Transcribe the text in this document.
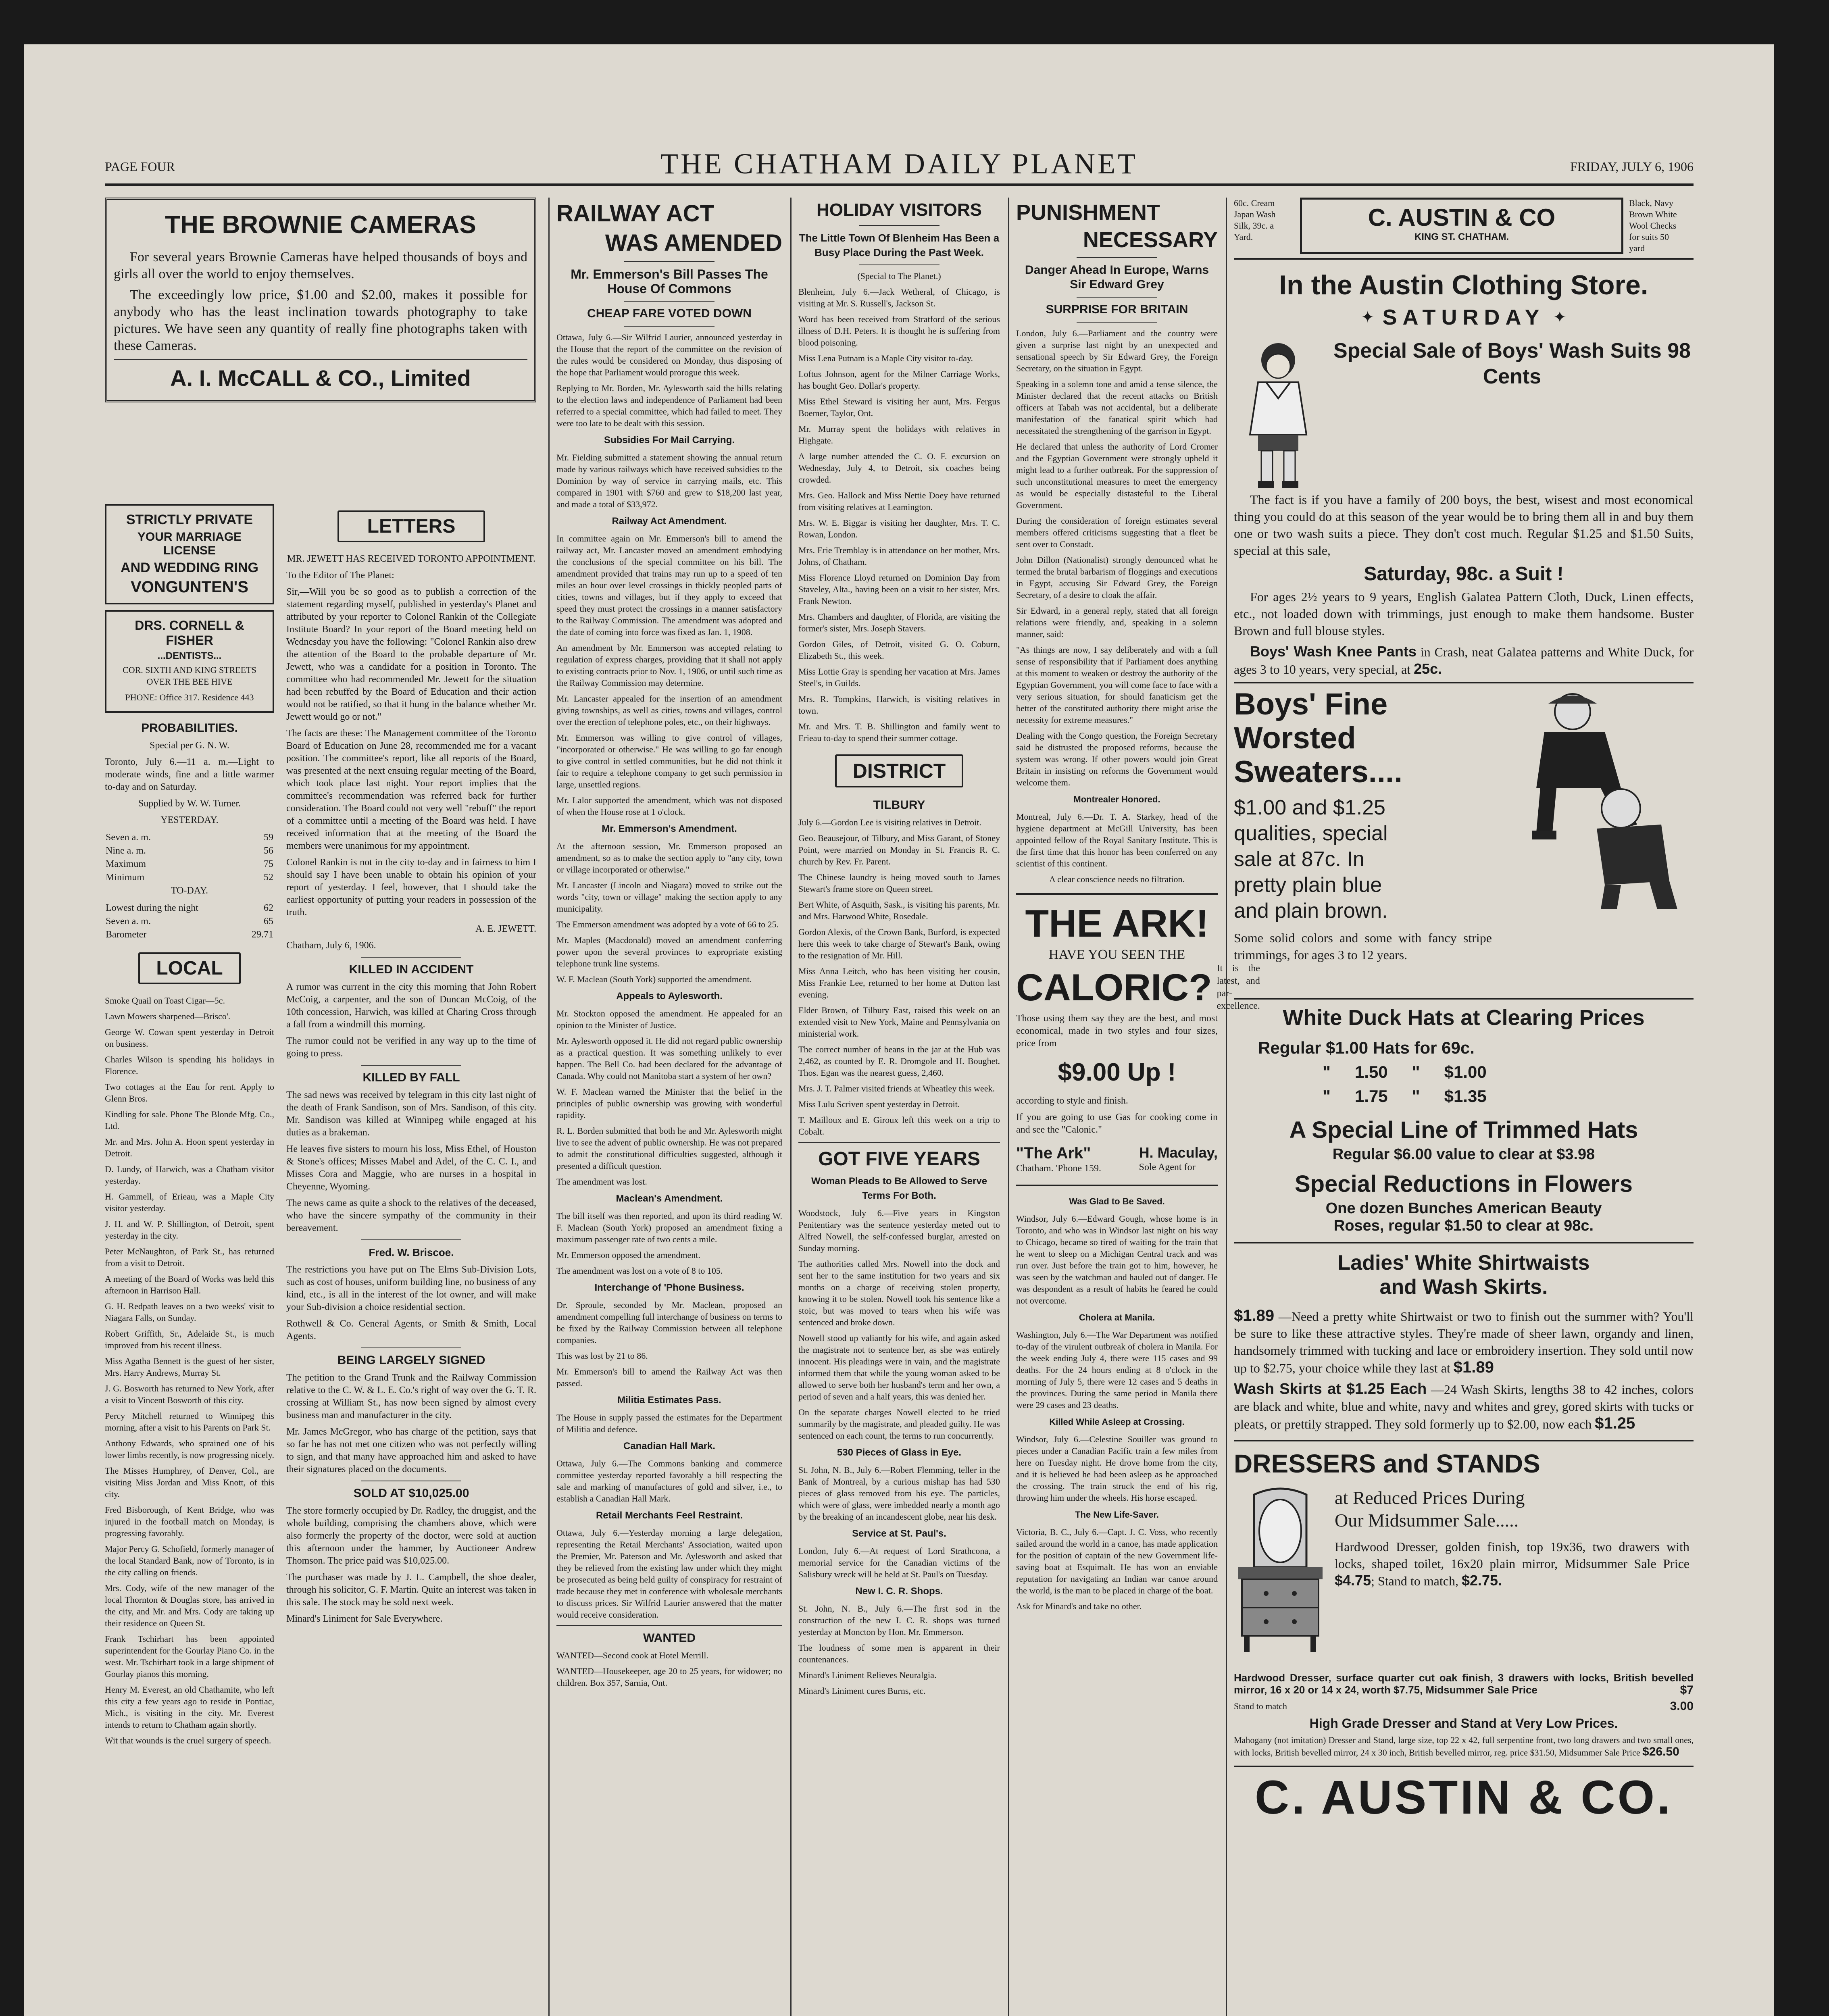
PAGE FOUR	THE CHATHAM DAILY PLANET	FRIDAY, JULY 6, 1906
THE BROWNIE CAMERAS

For several years Brownie Cameras have helped thousands of boys and girls all over the world to enjoy themselves.

The exceedingly low price, $1.00 and $2.00, makes it possible for anybody who has the least inclination towards photography to take pictures. We have seen any quantity of really fine photographs taken with these Cameras.

A. I. McCALL & CO., Limited
STRICTLY PRIVATE
YOUR MARRIAGE LICENSE
AND WEDDING RING
VONGUNTEN'S
DRS. CORNELL & FISHER
...DENTISTS...
COR. SIXTH AND KING STREETS OVER THE BEE HIVE
PHONE: Office 317. Residence 443
PROBABILITIES.
Special per G. N. W.

Toronto, July 6.—11 a. m.—Light to moderate winds, fine and a little warmer to-day and on Saturday.

Supplied by W. W. Turner.
YESTERDAY.
Seven a. m.	59
Nine a. m.	56
Maximum	75
Minimum	52
TO-DAY.
Lowest during the night	62
Seven a. m.	65
Barometer	29.71
LOCAL

Smoke Quail on Toast Cigar—5c.

Lawn Mowers sharpened—Brisco'.

George W. Cowan spent yesterday in Detroit on business.

Charles Wilson is spending his holidays in Florence.

Two cottages at the Eau for rent. Apply to Glenn Bros.

Kindling for sale. Phone The Blonde Mfg. Co., Ltd.

Mr. and Mrs. John A. Hoon spent yesterday in Detroit.

D. Lundy, of Harwich, was a Chatham visitor yesterday.

H. Gammell, of Erieau, was a Maple City visitor yesterday.

J. H. and W. P. Shillington, of Detroit, spent yesterday in the city.

Peter McNaughton, of Park St., has returned from a visit to Detroit.

A meeting of the Board of Works was held this afternoon in Harrison Hall.

G. H. Redpath leaves on a two weeks' visit to Niagara Falls, on Sunday.

Robert Griffith, Sr., Adelaide St., is much improved from his recent illness.

Miss Agatha Bennett is the guest of her sister, Mrs. Harry Andrews, Murray St.

J. G. Bosworth has returned to New York, after a visit to Vincent Bosworth of this city.

Percy Mitchell returned to Winnipeg this morning, after a visit to his Parents on Park St.

Anthony Edwards, who sprained one of his lower limbs recently, is now progressing nicely.

The Misses Humphrey, of Denver, Col., are visiting Miss Jordan and Miss Knott, of this city.

Fred Bisborough, of Kent Bridge, who was injured in the football match on Monday, is progressing favorably.

Major Percy G. Schofield, formerly manager of the local Standard Bank, now of Toronto, is in the city calling on friends.

Mrs. Cody, wife of the new manager of the local Thornton & Douglas store, has arrived in the city, and Mr. and Mrs. Cody are taking up their residence on Queen St.

Frank Tschirhart has been appointed superintendent for the Gourlay Piano Co. in the west. Mr. Tschirhart took in a large shipment of Gourlay pianos this morning.

Henry M. Everest, an old Chathamite, who left this city a few years ago to reside in Pontiac, Mich., is visiting in the city. Mr. Everest intends to return to Chatham again shortly.

Wit that wounds is the cruel surgery of speech.

LETTERS

MR. JEWETT HAS RECEIVED TORONTO APPOINTMENT.

To the Editor of The Planet:

Sir,—Will you be so good as to publish a correction of the statement regarding myself, published in yesterday's Planet and attributed by your reporter to Colonel Rankin of the Collegiate Institute Board? In your report of the Board meeting held on Wednesday you have the following: "Colonel Rankin also drew the attention of the Board to the probable departure of Mr. Jewett, who was a candidate for a position in Toronto. The committee who had recommended Mr. Jewett for the situation had been rebuffed by the Board of Education and their action would not be ratified, so that it hung in the balance whether Mr. Jewett would go or not."

The facts are these: The Management committee of the Toronto Board of Education on June 28, recommended me for a vacant position. The committee's report, like all reports of the Board, was presented at the next ensuing regular meeting of the Board, which took place last night. Your report implies that the committee's recommendation was referred back for further consideration. The Board could not very well "rebuff" the report of a committee until a meeting of the Board was held. I have received information that at the meeting of the Board the members were unanimous for my appointment.

Colonel Rankin is not in the city to-day and in fairness to him I should say I have been unable to obtain his opinion of your report of yesterday. I feel, however, that I should take the earliest opportunity of putting your readers in possession of the truth.

A. E. JEWETT.

Chatham, July 6, 1906.

KILLED IN ACCIDENT

A rumor was current in the city this morning that John Robert McCoig, a carpenter, and the son of Duncan McCoig, of the 10th concession, Harwich, was killed at Charing Cross through a fall from a windmill this morning.

The rumor could not be verified in any way up to the time of going to press.

KILLED BY FALL

The sad news was received by telegram in this city last night of the death of Frank Sandison, son of Mrs. Sandison, of this city. Mr. Sandison was killed at Winnipeg while engaged at his duties as a brakeman.

He leaves five sisters to mourn his loss, Miss Ethel, of Houston & Stone's offices; Misses Mabel and Adel, of the C. C. I., and Misses Cora and Maggie, who are nurses in a hospital in Cheyenne, Wyoming.

The news came as quite a shock to the relatives of the deceased, who have the sincere sympathy of the community in their bereavement.

Fred. W. Briscoe.

The restrictions you have put on The Elms Sub-Division Lots, such as cost of houses, uniform building line, no business of any kind, etc., is all in the interest of the lot owner, and will make your Sub-division a choice residential section.

Rothwell & Co. General Agents, or Smith & Smith, Local Agents.

BEING LARGELY SIGNED

The petition to the Grand Trunk and the Railway Commission relative to the C. W. & L. E. Co.'s right of way over the G. T. R. crossing at William St., has now been signed by almost every business man and manufacturer in the city.

Mr. James McGregor, who has charge of the petition, says that so far he has not met one citizen who was not perfectly willing to sign, and that many have approached him and asked to have their signatures placed on the documents.

SOLD AT $10,025.00

The store formerly occupied by Dr. Radley, the druggist, and the whole building, comprising the chambers above, which were also formerly the property of the doctor, were sold at auction this afternoon under the hammer, by Auctioneer Andrew Thomson. The price paid was $10,025.00.

The purchaser was made by J. L. Campbell, the shoe dealer, through his solicitor, G. F. Martin. Quite an interest was taken in this sale. The stock may be sold next week.

Minard's Liniment for Sale Everywhere.

RAILWAY ACT
WAS AMENDED
Mr. Emmerson's Bill Passes The House Of Commons
CHEAP FARE VOTED DOWN

Ottawa, July 6.—Sir Wilfrid Laurier, announced yesterday in the House that the report of the committee on the revision of the rules would be considered on Monday, thus disposing of the hope that Parliament would prorogue this week.

Replying to Mr. Borden, Mr. Aylesworth said the bills relating to the election laws and independence of Parliament had been referred to a special committee, which had failed to meet. They were too late to be dealt with this session.

Subsidies For Mail Carrying.

Mr. Fielding submitted a statement showing the annual return made by various railways which have received subsidies to the Dominion by way of service in carrying mails, etc. This compared in 1901 with $760 and grew to $18,200 last year, and made a total of $33,972.

Railway Act Amendment.

In committee again on Mr. Emmerson's bill to amend the railway act, Mr. Lancaster moved an amendment embodying the conclusions of the special committee on his bill. The amendment provided that trains may run up to a speed of ten miles an hour over level crossings in thickly peopled parts of cities, towns and villages, but if they apply to exceed that speed they must protect the crossings in a manner satisfactory to the Railway Commission. The amendment was adopted and the date of coming into force was fixed as Jan. 1, 1908.

An amendment by Mr. Emmerson was accepted relating to regulation of express charges, providing that it shall not apply to existing contracts prior to Nov. 1, 1906, or until such time as the Railway Commission may determine.

Mr. Lancaster appealed for the insertion of an amendment giving townships, as well as cities, towns and villages, control over the erection of telephone poles, etc., on their highways.

Mr. Emmerson was willing to give control of villages, "incorporated or otherwise." He was willing to go far enough to give control in settled communities, but he did not think it fair to require a telephone company to get such permission in large, unsettled regions.

Mr. Lalor supported the amendment, which was not disposed of when the House rose at 1 o'clock.

Mr. Emmerson's Amendment.

At the afternoon session, Mr. Emmerson proposed an amendment, so as to make the section apply to "any city, town or village incorporated or otherwise."

Mr. Lancaster (Lincoln and Niagara) moved to strike out the words "city, town or village" making the section apply to any municipality.

The Emmerson amendment was adopted by a vote of 66 to 25.

Mr. Maples (Macdonald) moved an amendment conferring power upon the several provinces to expropriate existing telephone trunk line systems.

W. F. Maclean (South York) supported the amendment.

Appeals to Aylesworth.

Mr. Stockton opposed the amendment. He appealed for an opinion to the Minister of Justice.

Mr. Aylesworth opposed it. He did not regard public ownership as a practical question. It was something unlikely to ever happen. The Bell Co. had been declared for the advantage of Canada. Why could not Manitoba start a system of her own?

W. F. Maclean warned the Minister that the belief in the principles of public ownership was growing with wonderful rapidity.

R. L. Borden submitted that both he and Mr. Aylesworth might live to see the advent of public ownership. He was not prepared to admit the constitutional difficulties suggested, although it presented a difficult question.

The amendment was lost.

Maclean's Amendment.

The bill itself was then reported, and upon its third reading W. F. Maclean (South York) proposed an amendment fixing a maximum passenger rate of two cents a mile.

Mr. Emmerson opposed the amendment.

The amendment was lost on a vote of 8 to 105.

Interchange of 'Phone Business.

Dr. Sproule, seconded by Mr. Maclean, proposed an amendment compelling full interchange of business on terms to be fixed by the Railway Commission between all telephone companies.

This was lost by 21 to 86.

Mr. Emmerson's bill to amend the Railway Act was then passed.

Militia Estimates Pass.

The House in supply passed the estimates for the Department of Militia and defence.

Canadian Hall Mark.

Ottawa, July 6.—The Commons banking and commerce committee yesterday reported favorably a bill respecting the sale and marking of manufactures of gold and silver, i.e., to establish a Canadian Hall Mark.

Retail Merchants Feel Restraint.

Ottawa, July 6.—Yesterday morning a large delegation, representing the Retail Merchants' Association, waited upon the Premier, Mr. Paterson and Mr. Aylesworth and asked that they be relieved from the existing law under which they might be prosecuted as being held guilty of conspiracy for restraint of trade because they met in conference with wholesale merchants to discuss prices. Sir Wilfrid Laurier answered that the matter would receive consideration.

WANTED

WANTED—Second cook at Hotel Merrill.

WANTED—Housekeeper, age 20 to 25 years, for widower; no children. Box 357, Sarnia, Ont.

HOLIDAY VISITORS
The Little Town Of Blenheim Has Been a Busy Place During the Past Week.

(Special to The Planet.)

Blenheim, July 6.—Jack Wetheral, of Chicago, is visiting at Mr. S. Russell's, Jackson St.

Word has been received from Stratford of the serious illness of D.H. Peters. It is thought he is suffering from blood poisoning.

Miss Lena Putnam is a Maple City visitor to-day.

Loftus Johnson, agent for the Milner Carriage Works, has bought Geo. Dollar's property.

Miss Ethel Steward is visiting her aunt, Mrs. Fergus Boemer, Taylor, Ont.

Mr. Murray spent the holidays with relatives in Highgate.

A large number attended the C. O. F. excursion on Wednesday, July 4, to Detroit, six coaches being crowded.

Mrs. Geo. Hallock and Miss Nettie Doey have returned from visiting relatives at Leamington.

Mrs. W. E. Biggar is visiting her daughter, Mrs. T. C. Rowan, London.

Mrs. Erie Tremblay is in attendance on her mother, Mrs. Johns, of Chatham.

Miss Florence Lloyd returned on Dominion Day from Staveley, Alta., having been on a visit to her sister, Mrs. Frank Newton.

Mrs. Chambers and daughter, of Florida, are visiting the former's sister, Mrs. Joseph Stavers.

Gordon Giles, of Detroit, visited G. O. Coburn, Elizabeth St., this week.

Miss Lottie Gray is spending her vacation at Mrs. James Steel's, in Guilds.

Mrs. R. Tompkins, Harwich, is visiting relatives in town.

Mr. and Mrs. T. B. Shillington and family went to Erieau to-day to spend their summer cottage.

DISTRICT
TILBURY

July 6.—Gordon Lee is visiting relatives in Detroit.

Geo. Beausejour, of Tilbury, and Miss Garant, of Stoney Point, were married on Monday in St. Francis R. C. church by Rev. Fr. Parent.

The Chinese laundry is being moved south to James Stewart's frame store on Queen street.

Bert White, of Asquith, Sask., is visiting his parents, Mr. and Mrs. Harwood White, Rosedale.

Gordon Alexis, of the Crown Bank, Burford, is expected here this week to take charge of Stewart's Bank, owing to the resignation of Mr. Hill.

Miss Anna Leitch, who has been visiting her cousin, Miss Frankie Lee, returned to her home at Dutton last evening.

Elder Brown, of Tilbury East, raised this week on an extended visit to New York, Maine and Pennsylvania on ministerial work.

The correct number of beans in the jar at the Hub was 2,462, as counted by E. R. Dromgole and H. Boughet. Thos. Egan was the nearest guess, 2,460.

Mrs. J. T. Palmer visited friends at Wheatley this week.

Miss Lulu Scriven spent yesterday in Detroit.

T. Mailloux and E. Giroux left this week on a trip to Cobalt.

GOT FIVE YEARS
Woman Pleads to Be Allowed to Serve Terms For Both.

Woodstock, July 6.—Five years in Kingston Penitentiary was the sentence yesterday meted out to Alfred Nowell, the self-confessed burglar, arrested on Sunday morning.

The authorities called Mrs. Nowell into the dock and sent her to the same institution for two years and six months on a charge of receiving stolen property, knowing it to be stolen. Nowell took his sentence like a stoic, but was moved to tears when his wife was sentenced and broke down.

Nowell stood up valiantly for his wife, and again asked the magistrate not to sentence her, as she was entirely innocent. His pleadings were in vain, and the magistrate informed them that while the young woman asked to be allowed to serve both her husband's term and her own, a period of seven and a half years, this was denied her.

On the separate charges Nowell elected to be tried summarily by the magistrate, and pleaded guilty. He was sentenced on each count, the terms to run concurrently.

530 Pieces of Glass in Eye.

St. John, N. B., July 6.—Robert Flemming, teller in the Bank of Montreal, by a curious mishap has had 530 pieces of glass removed from his eye. The particles, which were of glass, were imbedded nearly a month ago by the breaking of an incandescent globe, near his desk.

Service at St. Paul's.

London, July 6.—At request of Lord Strathcona, a memorial service for the Canadian victims of the Salisbury wreck will be held at St. Paul's on Tuesday.

New I. C. R. Shops.

St. John, N. B., July 6.—The first sod in the construction of the new I. C. R. shops was turned yesterday at Moncton by Hon. Mr. Emmerson.

The loudness of some men is apparent in their countenances.

Minard's Liniment Relieves Neuralgia.

Minard's Liniment cures Burns, etc.

PUNISHMENT
NECESSARY
Danger Ahead In Europe, Warns Sir Edward Grey
SURPRISE FOR BRITAIN

London, July 6.—Parliament and the country were given a surprise last night by an unexpected and sensational speech by Sir Edward Grey, the Foreign Secretary, on the situation in Egypt.

Speaking in a solemn tone and amid a tense silence, the Minister declared that the recent attacks on British officers at Tabah was not accidental, but a deliberate manifestation of the fanatical spirit which had necessitated the strengthening of the garrison in Egypt.

He declared that unless the authority of Lord Cromer and the Egyptian Government were strongly upheld it might lead to a further outbreak. For the suppression of such unconstitutional measures to meet the emergency as would be especially distasteful to the Liberal Government.

During the consideration of foreign estimates several members offered criticisms suggesting that a fleet be sent over to Constadt.

John Dillon (Nationalist) strongly denounced what he termed the brutal barbarism of floggings and executions in Egypt, accusing Sir Edward Grey, the Foreign Secretary, of a desire to cloak the affair.

Sir Edward, in a general reply, stated that all foreign relations were friendly, and, speaking in a solemn manner, said:

"As things are now, I say deliberately and with a full sense of responsibility that if Parliament does anything at this moment to weaken or destroy the authority of the Egyptian Government, you will come face to face with a very serious situation, for should fanaticism get the better of the constituted authority there might arise the necessity for extreme measures."

Dealing with the Congo question, the Foreign Secretary said he distrusted the proposed reforms, because the system was wrong. If other powers would join Great Britain in insisting on reforms the Government would welcome them.

Montrealer Honored.

Montreal, July 6.—Dr. T. A. Starkey, head of the hygiene department at McGill University, has been appointed fellow of the Royal Sanitary Institute. This is the first time that this honor has been conferred on any scientist of this continent.

A clear conscience needs no filtration.

THE ARK!
HAVE YOU SEEN THE
CALORIC? It is the latest, and par-excellence.

Those using them say they are the best, and most economical, made in two styles and four sizes, price from

$9.00 Up !

according to style and finish.

If you are going to use Gas for cooking come in and see the "Calonic."

"The Ark"
Chatham. 'Phone 159.
H. Maculay,
Sole Agent for
Was Glad to Be Saved.

Windsor, July 6.—Edward Gough, whose home is in Toronto, and who was in Windsor last night on his way to Chicago, became so tired of waiting for the train that he went to sleep on a Michigan Central track and was run over. Just before the train got to him, however, he was seen by the watchman and hauled out of danger. He was despondent as a result of habits he feared he could not overcome.

Cholera at Manila.

Washington, July 6.—The War Department was notified to-day of the virulent outbreak of cholera in Manila. For the week ending July 4, there were 115 cases and 99 deaths. For the 24 hours ending at 8 o'clock in the morning of July 5, there were 12 cases and 5 deaths in the provinces. During the same period in Manila there were 29 cases and 23 deaths.

Killed While Asleep at Crossing.

Windsor, July 6.—Celestine Souiller was ground to pieces under a Canadian Pacific train a few miles from here on Tuesday night. He drove home from the city, and it is believed he had been asleep as he approached the crossing. The train struck the end of his rig, throwing him under the wheels. His horse escaped.

The New Life-Saver.

Victoria, B. C., July 6.—Capt. J. C. Voss, who recently sailed around the world in a canoe, has made application for the position of captain of the new Government life-saving boat at Esquimalt. He has won an enviable reputation for navigating an Indian war canoe around the world, is the man to be placed in charge of the boat.

Ask for Minard's and take no other.

60c. Cream
Japan Wash
Silk, 39c. a
Yard.
C. AUSTIN & CO
KING ST. CHATHAM.
Black, Navy
Brown White
Wool Checks
for suits 50
yard
In the Austin Clothing Store.
✦ SATURDAY ✦
Special Sale of Boys' Wash Suits 98 Cents

The fact is if you have a family of 200 boys, the best, wisest and most economical thing you could do at this season of the year would be to bring them all in and buy them one or two wash suits a piece. They don't cost much. Regular $1.25 and $1.50 Suits, special at this sale,

Saturday, 98c. a Suit !

For ages 2½ years to 9 years, English Galatea Pattern Cloth, Duck, Linen effects, etc., not loaded down with trimmings, just enough to make them handsome. Buster Brown and full blouse styles.

Boys' Wash Knee Pants in Crash, neat Galatea patterns and White Duck, for ages 3 to 10 years, very special, at 25c.

Boys' Fine
Worsted
Sweaters....
$1.00 and $1.25
qualities, special
sale at 87c. In
pretty plain blue
and plain brown.

Some solid colors and some with fancy stripe trimmings, for ages 3 to 12 years.

White Duck Hats at Clearing Prices
Regular $1.00 Hats for 69c.
" 1.50 " $1.00
" 1.75 " $1.35
A Special Line of Trimmed Hats
Regular $6.00 value to clear at $3.98
Special Reductions in Flowers
One dozen Bunches American Beauty
Roses, regular $1.50 to clear at 98c.
Ladies' White Shirtwaists
and Wash Skirts.

$1.89 —Need a pretty white Shirtwaist or two to finish out the summer with? You'll be sure to like these attractive styles. They're made of sheer lawn, organdy and linen, handsomely trimmed with tucking and lace or embroidery insertion. They sold until now up to $2.75, your choice while they last at $1.89

Wash Skirts at $1.25 Each —24 Wash Skirts, lengths 38 to 42 inches, colors are black and white, blue and white, navy and whites and grey, gored skirts with tucks or pleats, or prettily strapped. They sold formerly up to $2.00, now each $1.25

DRESSERS and STANDS
at Reduced Prices During
Our Midsummer Sale.....

Hardwood Dresser, golden finish, top 19x36, two drawers with locks, shaped toilet, 16x20 plain mirror, Midsummer Sale Price $4.75; Stand to match, $2.75.

Hardwood Dresser, surface quarter cut oak finish, 3 drawers with locks, British bevelled mirror, 16 x 20 or 14 x 24, worth $7.75, Midsummer Sale Price	$7

Stand to match	3.00

High Grade Dresser and Stand at Very Low Prices.

Mahogany (not imitation) Dresser and Stand, large size, top 22 x 42, full serpentine front, two long drawers and two small ones, with locks, British bevelled mirror, 24 x 30 inch, British bevelled mirror, reg. price $31.50, Midsummer Sale Price $26.50

C. AUSTIN & CO.
